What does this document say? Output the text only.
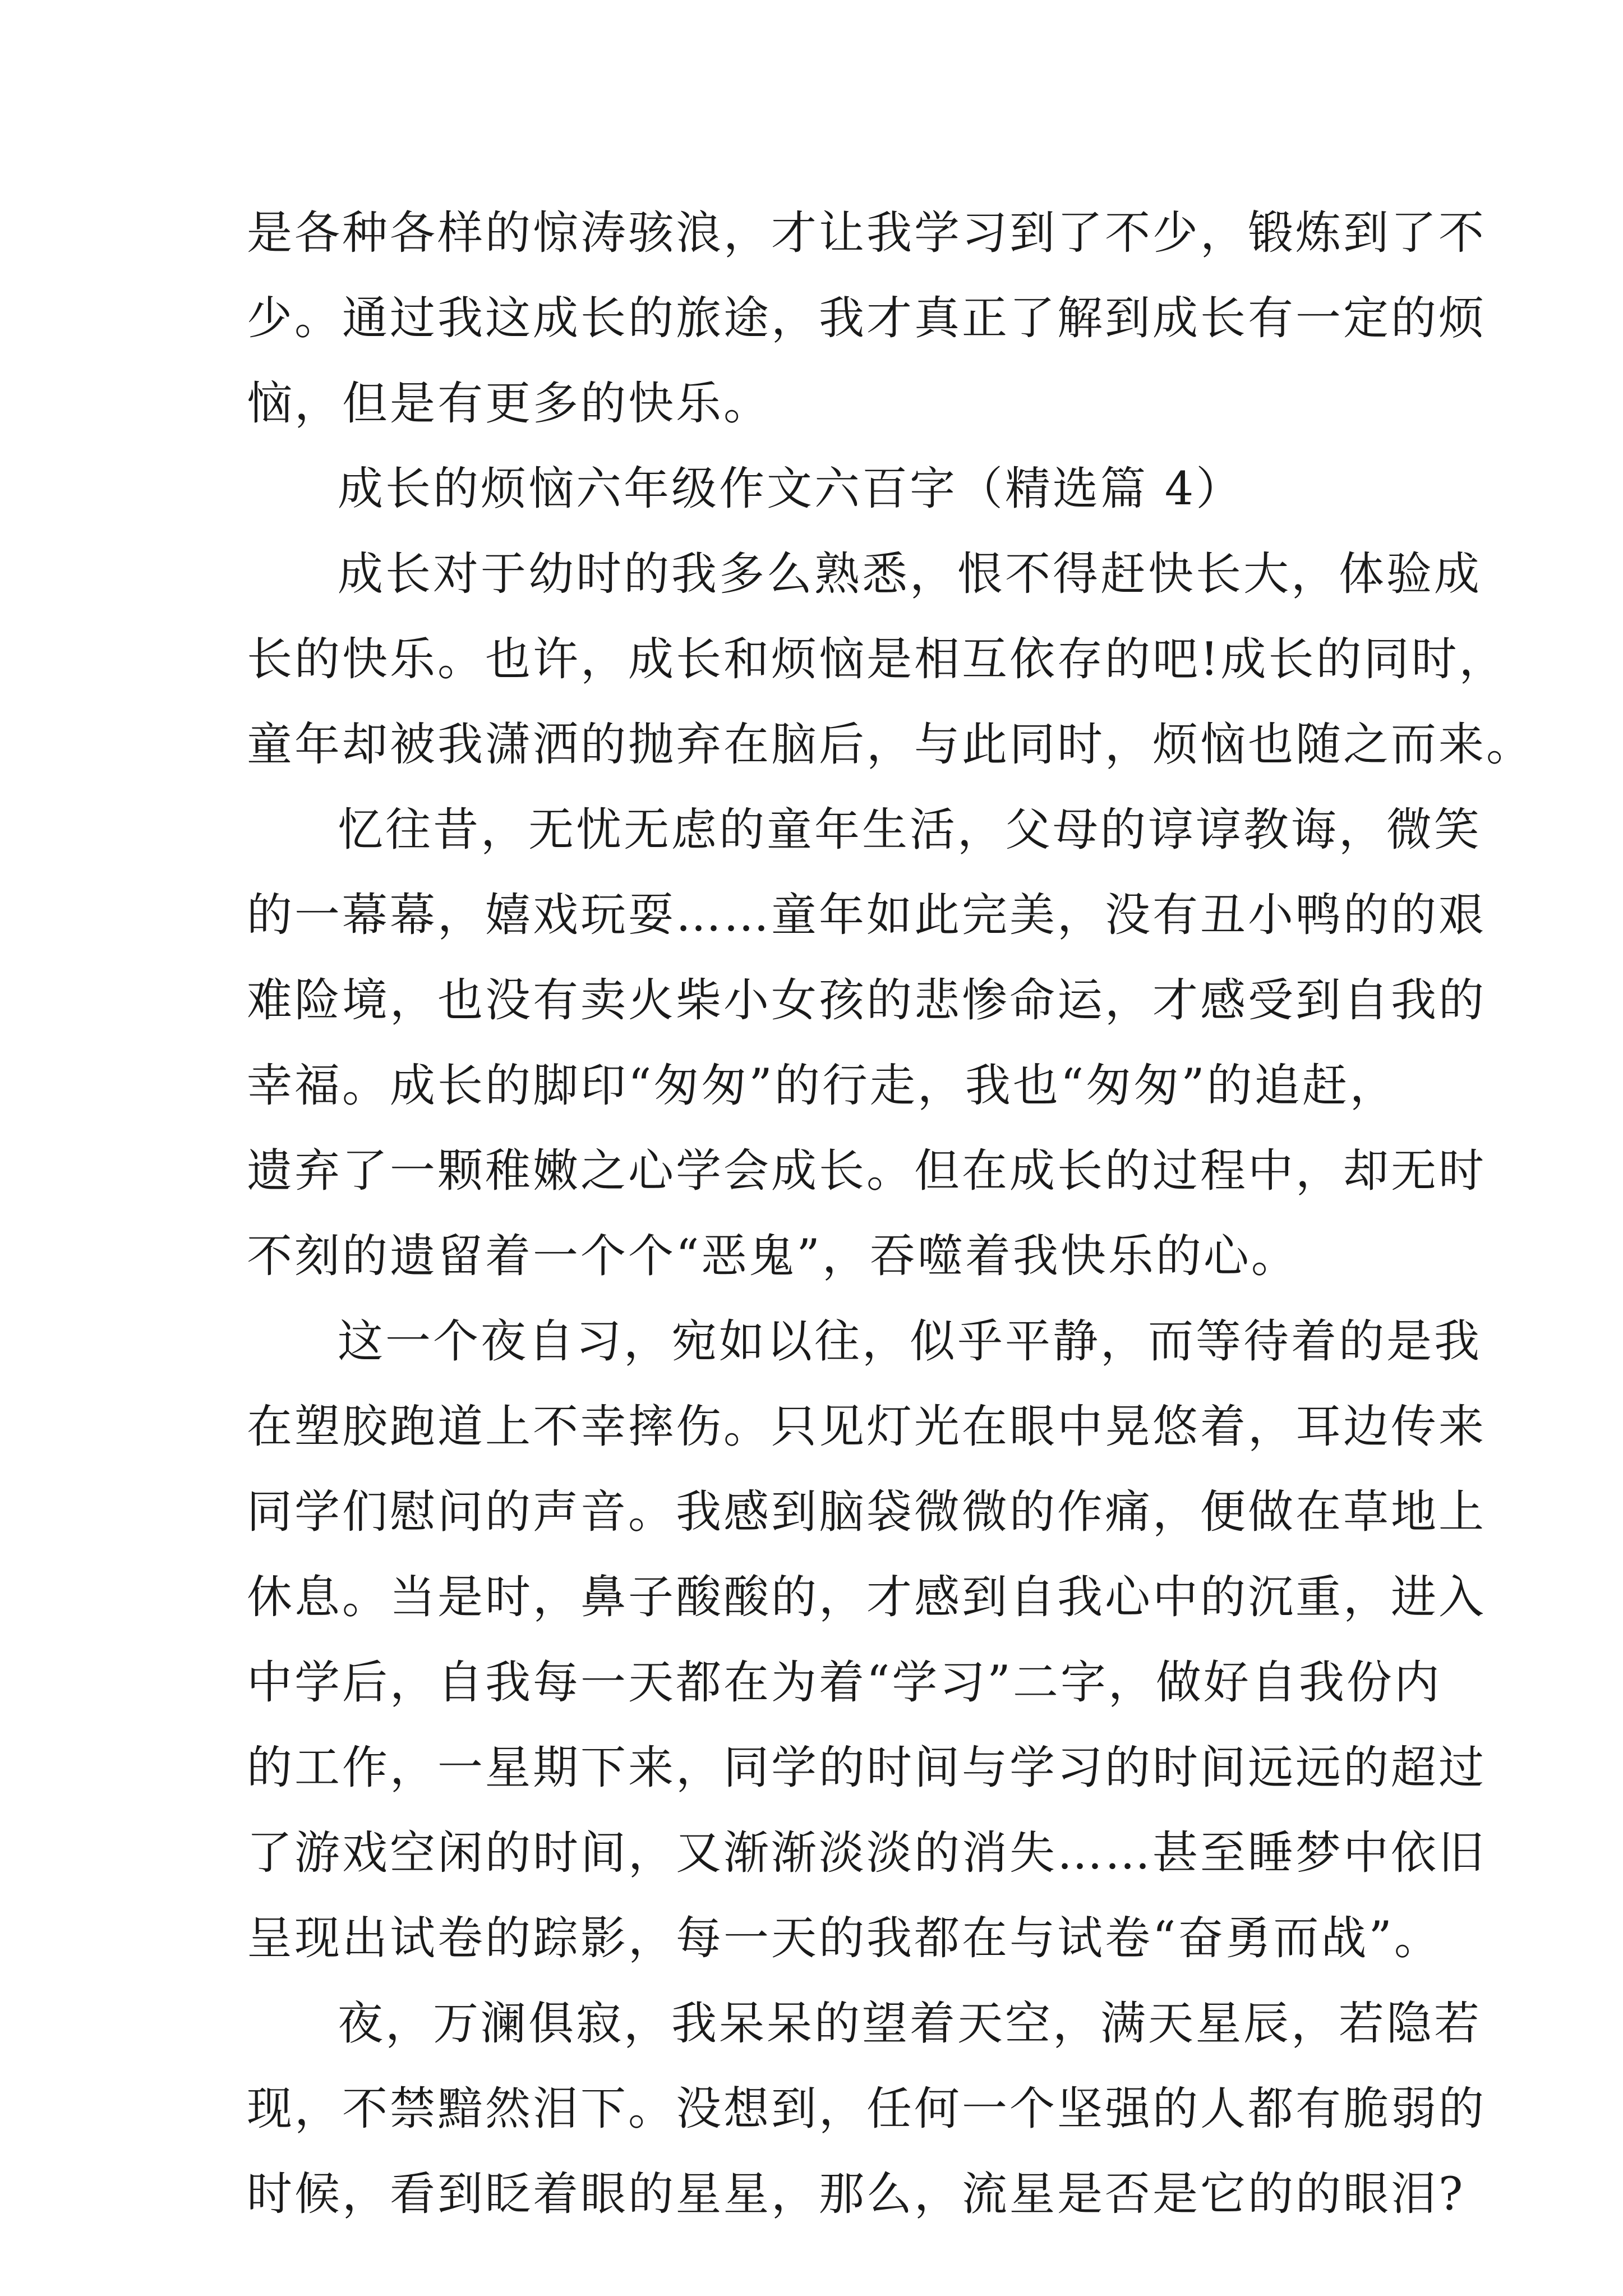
是各种各样的惊涛骇浪，才让我学习到了不少，锻炼到了不
少。通过我这成长的旅途，我才真正了解到成长有一定的烦
恼，但是有更多的快乐。
成长的烦恼六年级作文六百字（精选篇 4）
成长对于幼时的我多么熟悉，恨不得赶快长大，体验成
长的快乐。也许，成长和烦恼是相互依存的吧!成长的同时，
童年却被我潇洒的抛弃在脑后，与此同时，烦恼也随之而来。
忆往昔，无忧无虑的童年生活，父母的谆谆教诲，微笑
的一幕幕，嬉戏玩耍……童年如此完美，没有丑小鸭的的艰
难险境，也没有卖火柴小女孩的悲惨命运，才感受到自我的
幸福。成长的脚印“匆匆”的行走，我也“匆匆”的追赶，
遗弃了一颗稚嫩之心学会成长。但在成长的过程中，却无时
不刻的遗留着一个个“恶鬼”，吞噬着我快乐的心。
这一个夜自习，宛如以往，似乎平静，而等待着的是我
在塑胶跑道上不幸摔伤。只见灯光在眼中晃悠着，耳边传来
同学们慰问的声音。我感到脑袋微微的作痛，便做在草地上
休息。当是时，鼻子酸酸的，才感到自我心中的沉重，进入
中学后，自我每一天都在为着“学习”二字，做好自我份内
的工作，一星期下来，同学的时间与学习的时间远远的超过
了游戏空闲的时间，又渐渐淡淡的消失……甚至睡梦中依旧
呈现出试卷的踪影，每一天的我都在与试卷“奋勇而战”。
夜，万澜俱寂，我呆呆的望着天空，满天星辰，若隐若
现，不禁黯然泪下。没想到，任何一个坚强的人都有脆弱的
时候，看到眨着眼的星星，那么，流星是否是它的的眼泪?
